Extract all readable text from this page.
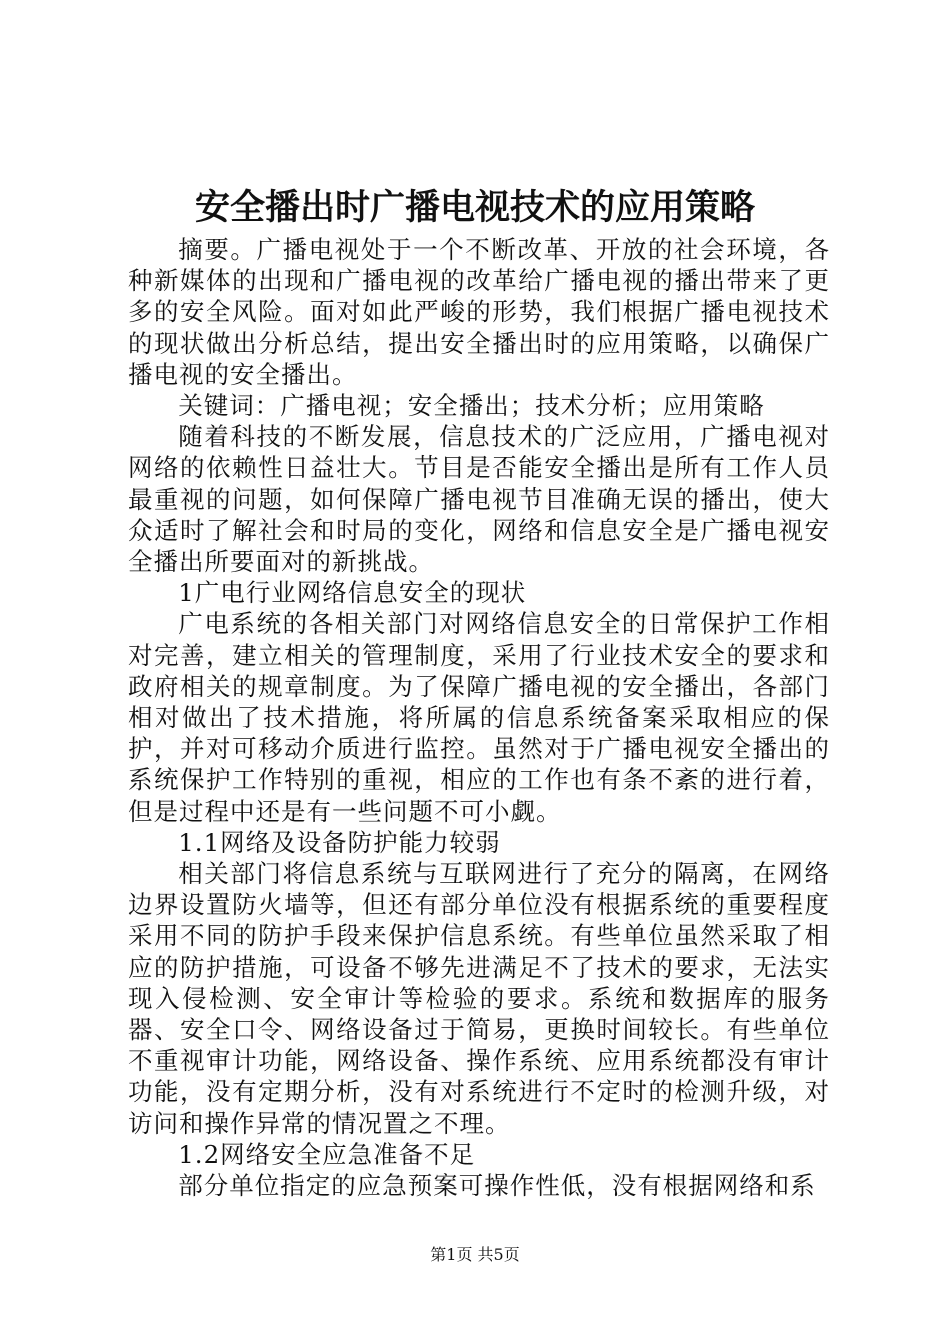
安全播出时广播电视技术的应用策略

摘要。广播电视处于一个不断改革、开放的社会环境，各种新媒体的出现和广播电视的改革给广播电视的播出带来了更多的安全风险。面对如此严峻的形势，我们根据广播电视技术的现状做出分析总结，提出安全播出时的应用策略，以确保广播电视的安全播出。

关键词：广播电视；安全播出；技术分析；应用策略

随着科技的不断发展，信息技术的广泛应用，广播电视对网络的依赖性日益壮大。节目是否能安全播出是所有工作人员最重视的问题，如何保障广播电视节目准确无误的播出，使大众适时了解社会和时局的变化，网络和信息安全是广播电视安全播出所要面对的新挑战。

1广电行业网络信息安全的现状

广电系统的各相关部门对网络信息安全的日常保护工作相对完善，建立相关的管理制度，采用了行业技术安全的要求和政府相关的规章制度。为了保障广播电视的安全播出，各部门相对做出了技术措施，将所属的信息系统备案采取相应的保护，并对可移动介质进行监控。虽然对于广播电视安全播出的系统保护工作特别的重视，相应的工作也有条不紊的进行着，但是过程中还是有一些问题不可小觑。

1.1网络及设备防护能力较弱

相关部门将信息系统与互联网进行了充分的隔离，在网络边界设置防火墙等，但还有部分单位没有根据系统的重要程度采用不同的防护手段来保护信息系统。有些单位虽然采取了相应的防护措施，可设备不够先进满足不了技术的要求，无法实现入侵检测、安全审计等检验的要求。系统和数据库的服务器、安全口令、网络设备过于简易，更换时间较长。有些单位不重视审计功能，网络设备、操作系统、应用系统都没有审计功能，没有定期分析，没有对系统进行不定时的检测升级，对访问和操作异常的情况置之不理。

1.2网络安全应急准备不足

部分单位指定的应急预案可操作性低，没有根据网络和系

第1页 共5页
